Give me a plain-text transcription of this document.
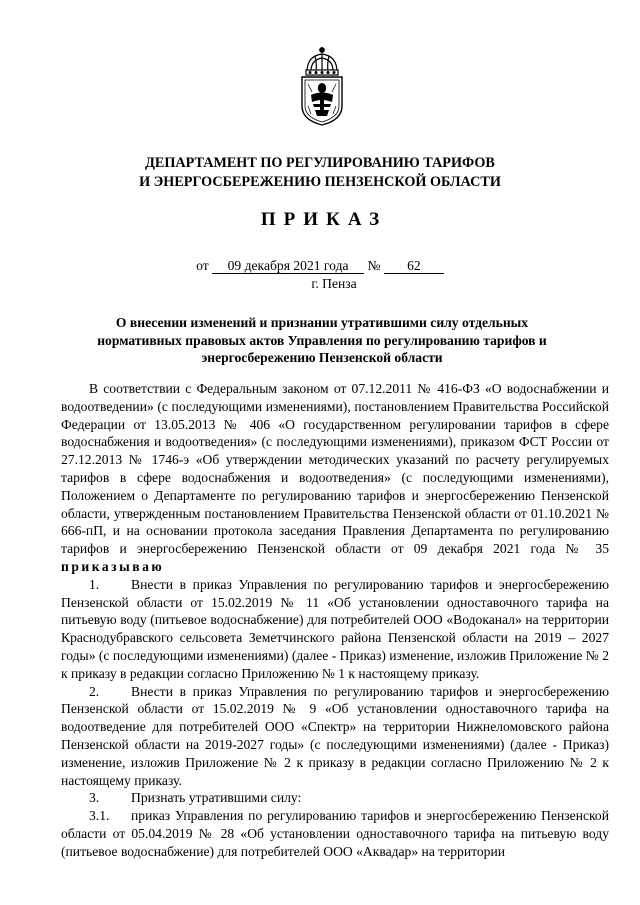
ДЕПАРТАМЕНТ ПО РЕГУЛИРОВАНИЮ ТАРИФОВ
И ЭНЕРГОСБЕРЕЖЕНИЮ ПЕНЗЕНСКОЙ ОБЛАСТИ
ПРИКАЗ
от 09 декабря 2021 года № 62
г. Пенза
О внесении изменений и признании утратившими силу отдельных
нормативных правовых актов Управления по регулированию тарифов и
энергосбережению Пензенской области

В соответствии с Федеральным законом от 07.12.2011 № 416-ФЗ «О водоснабжении и водоотведении» (с последующими изменениями), постановлением Правительства Российской Федерации от 13.05.2013 № 406 «О государственном регулировании тарифов в сфере водоснабжения и водоотведения» (с последующими изменениями), приказом ФСТ России от 27.12.2013 № 1746-э «Об утверждении методических указаний по расчету регулируемых тарифов в сфере водоснабжения и водоотведения» (с последующими изменениями), Положением о Департаменте по регулированию тарифов и энергосбережению Пензенской области, утвержденным постановлением Правительства Пензенской области от 01.10.2021 № 666-пП, и на основании протокола заседания Правления Департамента по регулированию тарифов и энергосбережению Пензенской области от 09 декабря 2021 года № 35 приказываю

1. Внести в приказ Управления по регулированию тарифов и энергосбережению Пензенской области от 15.02.2019 № 11 «Об установлении одноставочного тарифа на питьевую воду (питьевое водоснабжение) для потребителей ООО «Водоканал» на территории Краснодубравского сельсовета Земетчинского района Пензенской области на 2019 – 2027 годы» (с последующими изменениями) (далее - Приказ) изменение, изложив Приложение № 2 к приказу в редакции согласно Приложению № 1 к настоящему приказу.

2. Внести в приказ Управления по регулированию тарифов и энергосбережению Пензенской области от 15.02.2019 № 9 «Об установлении одноставочного тарифа на водоотведение для потребителей ООО «Спектр» на территории Нижнеломовского района Пензенской области на 2019-2027 годы» (с последующими изменениями) (далее - Приказ) изменение, изложив Приложение № 2 к приказу в редакции согласно Приложению № 2 к настоящему приказу.

3. Признать утратившими силу:

3.1. приказ Управления по регулированию тарифов и энергосбережению Пензенской области от 05.04.2019 № 28 «Об установлении одноставочного тарифа на питьевую воду (питьевое водоснабжение) для потребителей ООО «Аквадар» на территории
